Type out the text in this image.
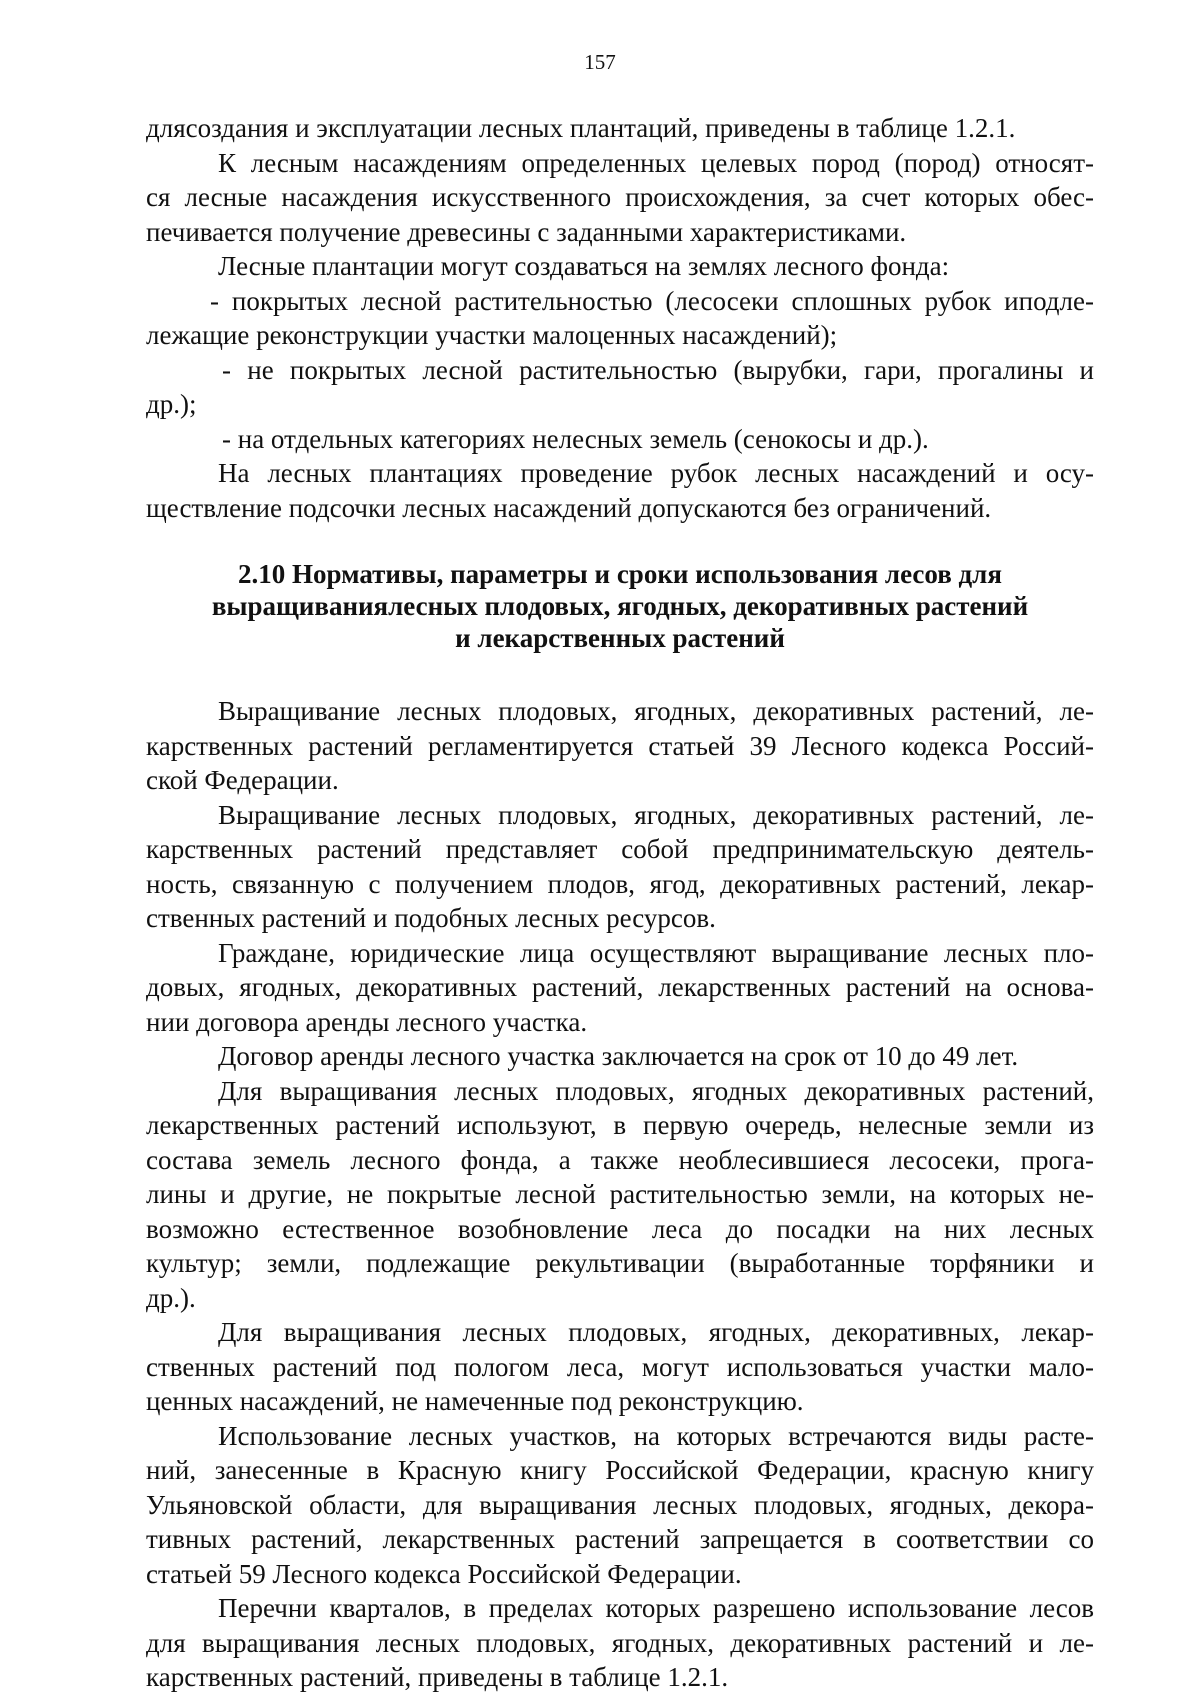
157
длясоздания и эксплуатации лесных плантаций, приведены в таблице 1.2.1.
К лесным насаждениям определенных целевых пород (пород) относят-
ся лесные насаждения искусственного происхождения, за счет которых обес-
печивается получение древесины с заданными характеристиками.
Лесные плантации могут создаваться на землях лесного фонда:
- покрытых лесной растительностью (лесосеки сплошных рубок иподле-
лежащие реконструкции участки малоценных насаждений);
- не покрытых лесной растительностью (вырубки, гари, прогалины и
др.);
- на отдельных категориях нелесных земель (сенокосы и др.).
На лесных плантациях проведение рубок лесных насаждений и осу-
ществление подсочки лесных насаждений допускаются без ограничений.
2.10 Нормативы, параметры и сроки использования лесов для
выращиваниялесных плодовых, ягодных, декоративных растений
и лекарственных растений
Выращивание лесных плодовых, ягодных, декоративных растений, ле-
карственных растений регламентируется статьей 39 Лесного кодекса Россий-
ской Федерации.
Выращивание лесных плодовых, ягодных, декоративных растений, ле-
карственных растений представляет собой предпринимательскую деятель-
ность, связанную с получением плодов, ягод, декоративных растений, лекар-
ственных растений и подобных лесных ресурсов.
Граждане, юридические лица осуществляют выращивание лесных пло-
довых, ягодных, декоративных растений, лекарственных растений на основа-
нии договора аренды лесного участка.
Договор аренды лесного участка заключается на срок от 10 до 49 лет.
Для выращивания лесных плодовых, ягодных декоративных растений,
лекарственных растений используют, в первую очередь, нелесные земли из
состава земель лесного фонда, а также необлесившиеся лесосеки, прога-
лины и другие, не покрытые лесной растительностью земли, на которых не-
возможно естественное возобновление леса до посадки на них лесных
культур; земли, подлежащие рекультивации (выработанные торфяники и
др.).
Для выращивания лесных плодовых, ягодных, декоративных, лекар-
ственных растений под пологом леса, могут использоваться участки мало-
ценных насаждений, не намеченные под реконструкцию.
Использование лесных участков, на которых встречаются виды расте-
ний, занесенные в Красную книгу Российской Федерации, красную книгу
Ульяновской области, для выращивания лесных плодовых, ягодных, декора-
тивных растений, лекарственных растений запрещается в соответствии со
статьей 59 Лесного кодекса Российской Федерации.
Перечни кварталов, в пределах которых разрешено использование лесов
для выращивания лесных плодовых, ягодных, декоративных растений и ле-
карственных растений, приведены в таблице 1.2.1.
